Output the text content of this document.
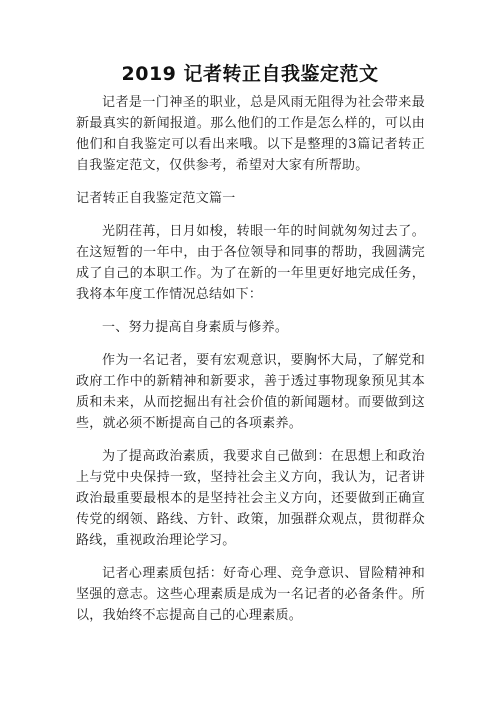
2019 记者转正自我鉴定范文

记者是一门神圣的职业，总是风雨无阻得为社会带来最新最真实的新闻报道。那么他们的工作是怎么样的，可以由他们和自我鉴定可以看出来哦。以下是整理的3篇记者转正自我鉴定范文，仅供参考，希望对大家有所帮助。

记者转正自我鉴定范文篇一

光阴荏苒，日月如梭，转眼一年的时间就匆匆过去了。在这短暂的一年中，由于各位领导和同事的帮助，我圆满完成了自己的本职工作。为了在新的一年里更好地完成任务，我将本年度工作情况总结如下：

一、努力提高自身素质与修养。

作为一名记者，要有宏观意识，要胸怀大局，了解党和政府工作中的新精神和新要求，善于透过事物现象预见其本质和未来，从而挖掘出有社会价值的新闻题材。而要做到这些，就必须不断提高自己的各项素养。

为了提高政治素质，我要求自己做到：在思想上和政治上与党中央保持一致，坚持社会主义方向，我认为，记者讲政治最重要最根本的是坚持社会主义方向，还要做到正确宣传党的纲领、路线、方针、政策，加强群众观点，贯彻群众路线，重视政治理论学习。

记者心理素质包括：好奇心理、竞争意识、冒险精神和坚强的意志。这些心理素质是成为一名记者的必备条件。所以，我始终不忘提高自己的心理素质。
